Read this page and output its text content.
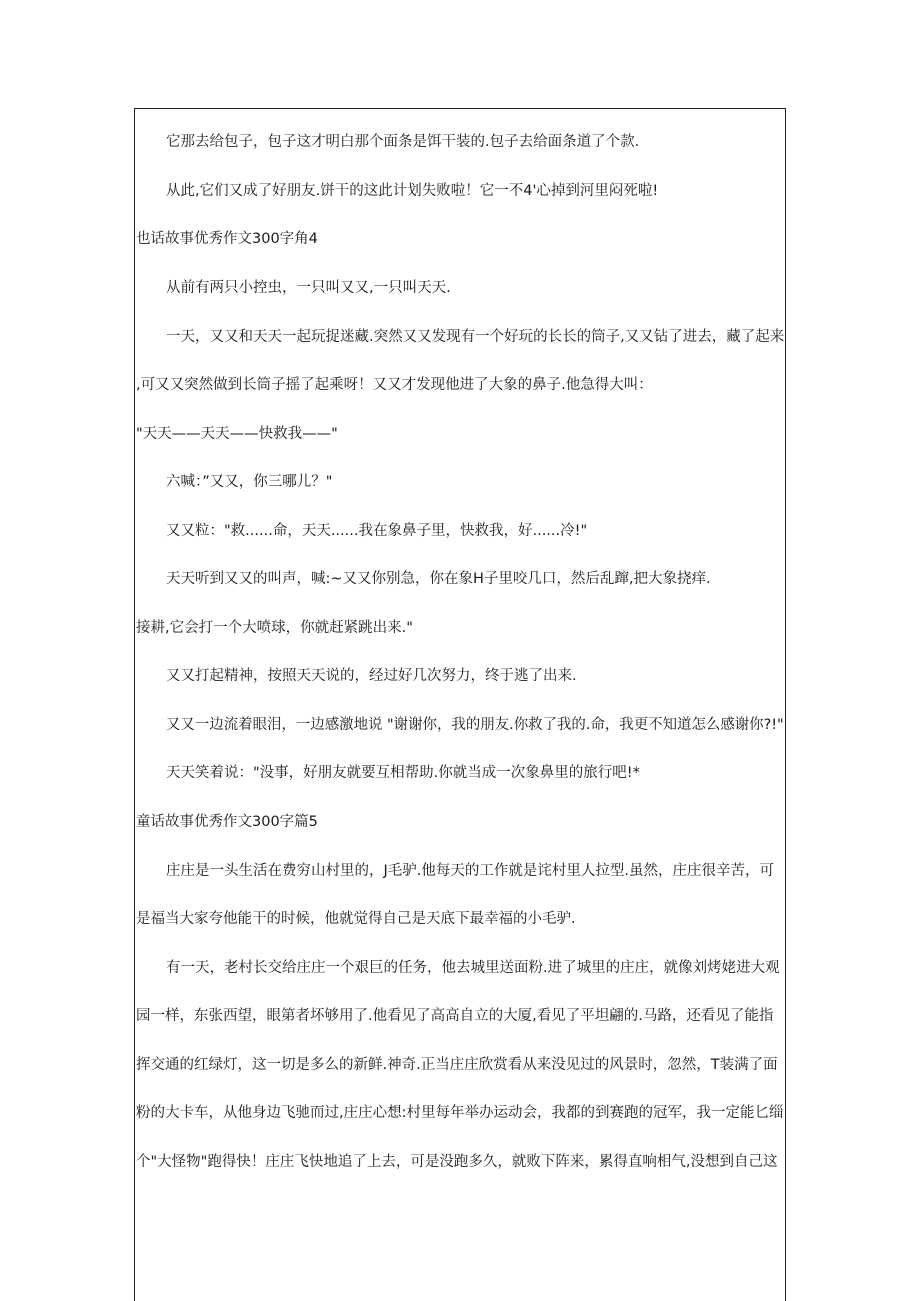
它那去给包子，包子这才明白那个面条是饵干装的.包子去给面条道了个款.
从此,它们又成了好朋友.饼干的这此计划失败啦！它一不4'心掉到河里闷死啦!
也话故事优秀作文300字角4
从前有两只小控虫，一只叫又又,一只叫天天.
一天，又又和天天一起玩捉迷藏.突然又又发现有一个好玩的长长的筒子,又又钻了进去，藏了起来
,可又又突然做到长筒子摇了起乘呀！又又才发现他进了大象的鼻子.他急得大叫：
"天天——天天——快救我——"
六喊：”又又，你三哪儿？"
又又粒："救......命，天天......我在象鼻子里，快救我，好......冷!"
天天听到又又的叫声，喊:~又又你别急，你在象H子里咬几口，然后乱蹿,把大象挠痒.
接耕,它会打一个大喷球，你就赶紧跳出来."
又又打起精神，按照天天说的，经过好几次努力，终于逃了出来.
又又一边流着眼泪，一边感激地说 "谢谢你，我的朋友.你救了我的.命，我更不知道怎么感谢你?!"
天天笑着说："没事，好朋友就要互相帮助.你就当成一次象鼻里的旅行吧!*
童话故事优秀作文300字篇5
庄庄是一头生活在费穷山村里的，J毛驴.他每天的工作就是诧村里人拉型.虽然，庄庄很辛苦，可
是福当大家夸他能干的时候，他就觉得自己是天底下最幸福的小毛驴.
有一天，老村长交给庄庄一个艰巨的任务，他去城里送面粉.进了城里的庄庄，就像刘烤姥进大观
园一样，东张西望，眼第者坏够用了.他看见了高高自立的大厦,看见了平坦翩的.马路，还看见了能指
挥交通的红绿灯，这一切是多么的新鲜.神奇.正当庄庄欣赏看从来没见过的风景时，忽然，T装满了面
粉的大卡车，从他身边飞驰而过,庄庄心想:村里每年举办运动会，我都的到赛跑的冠军，我一定能匕缁
个"大怪物"跑得快！庄庄飞快地追了上去，可是没跑多久，就败下阵来，累得直响相气,没想到自己这
